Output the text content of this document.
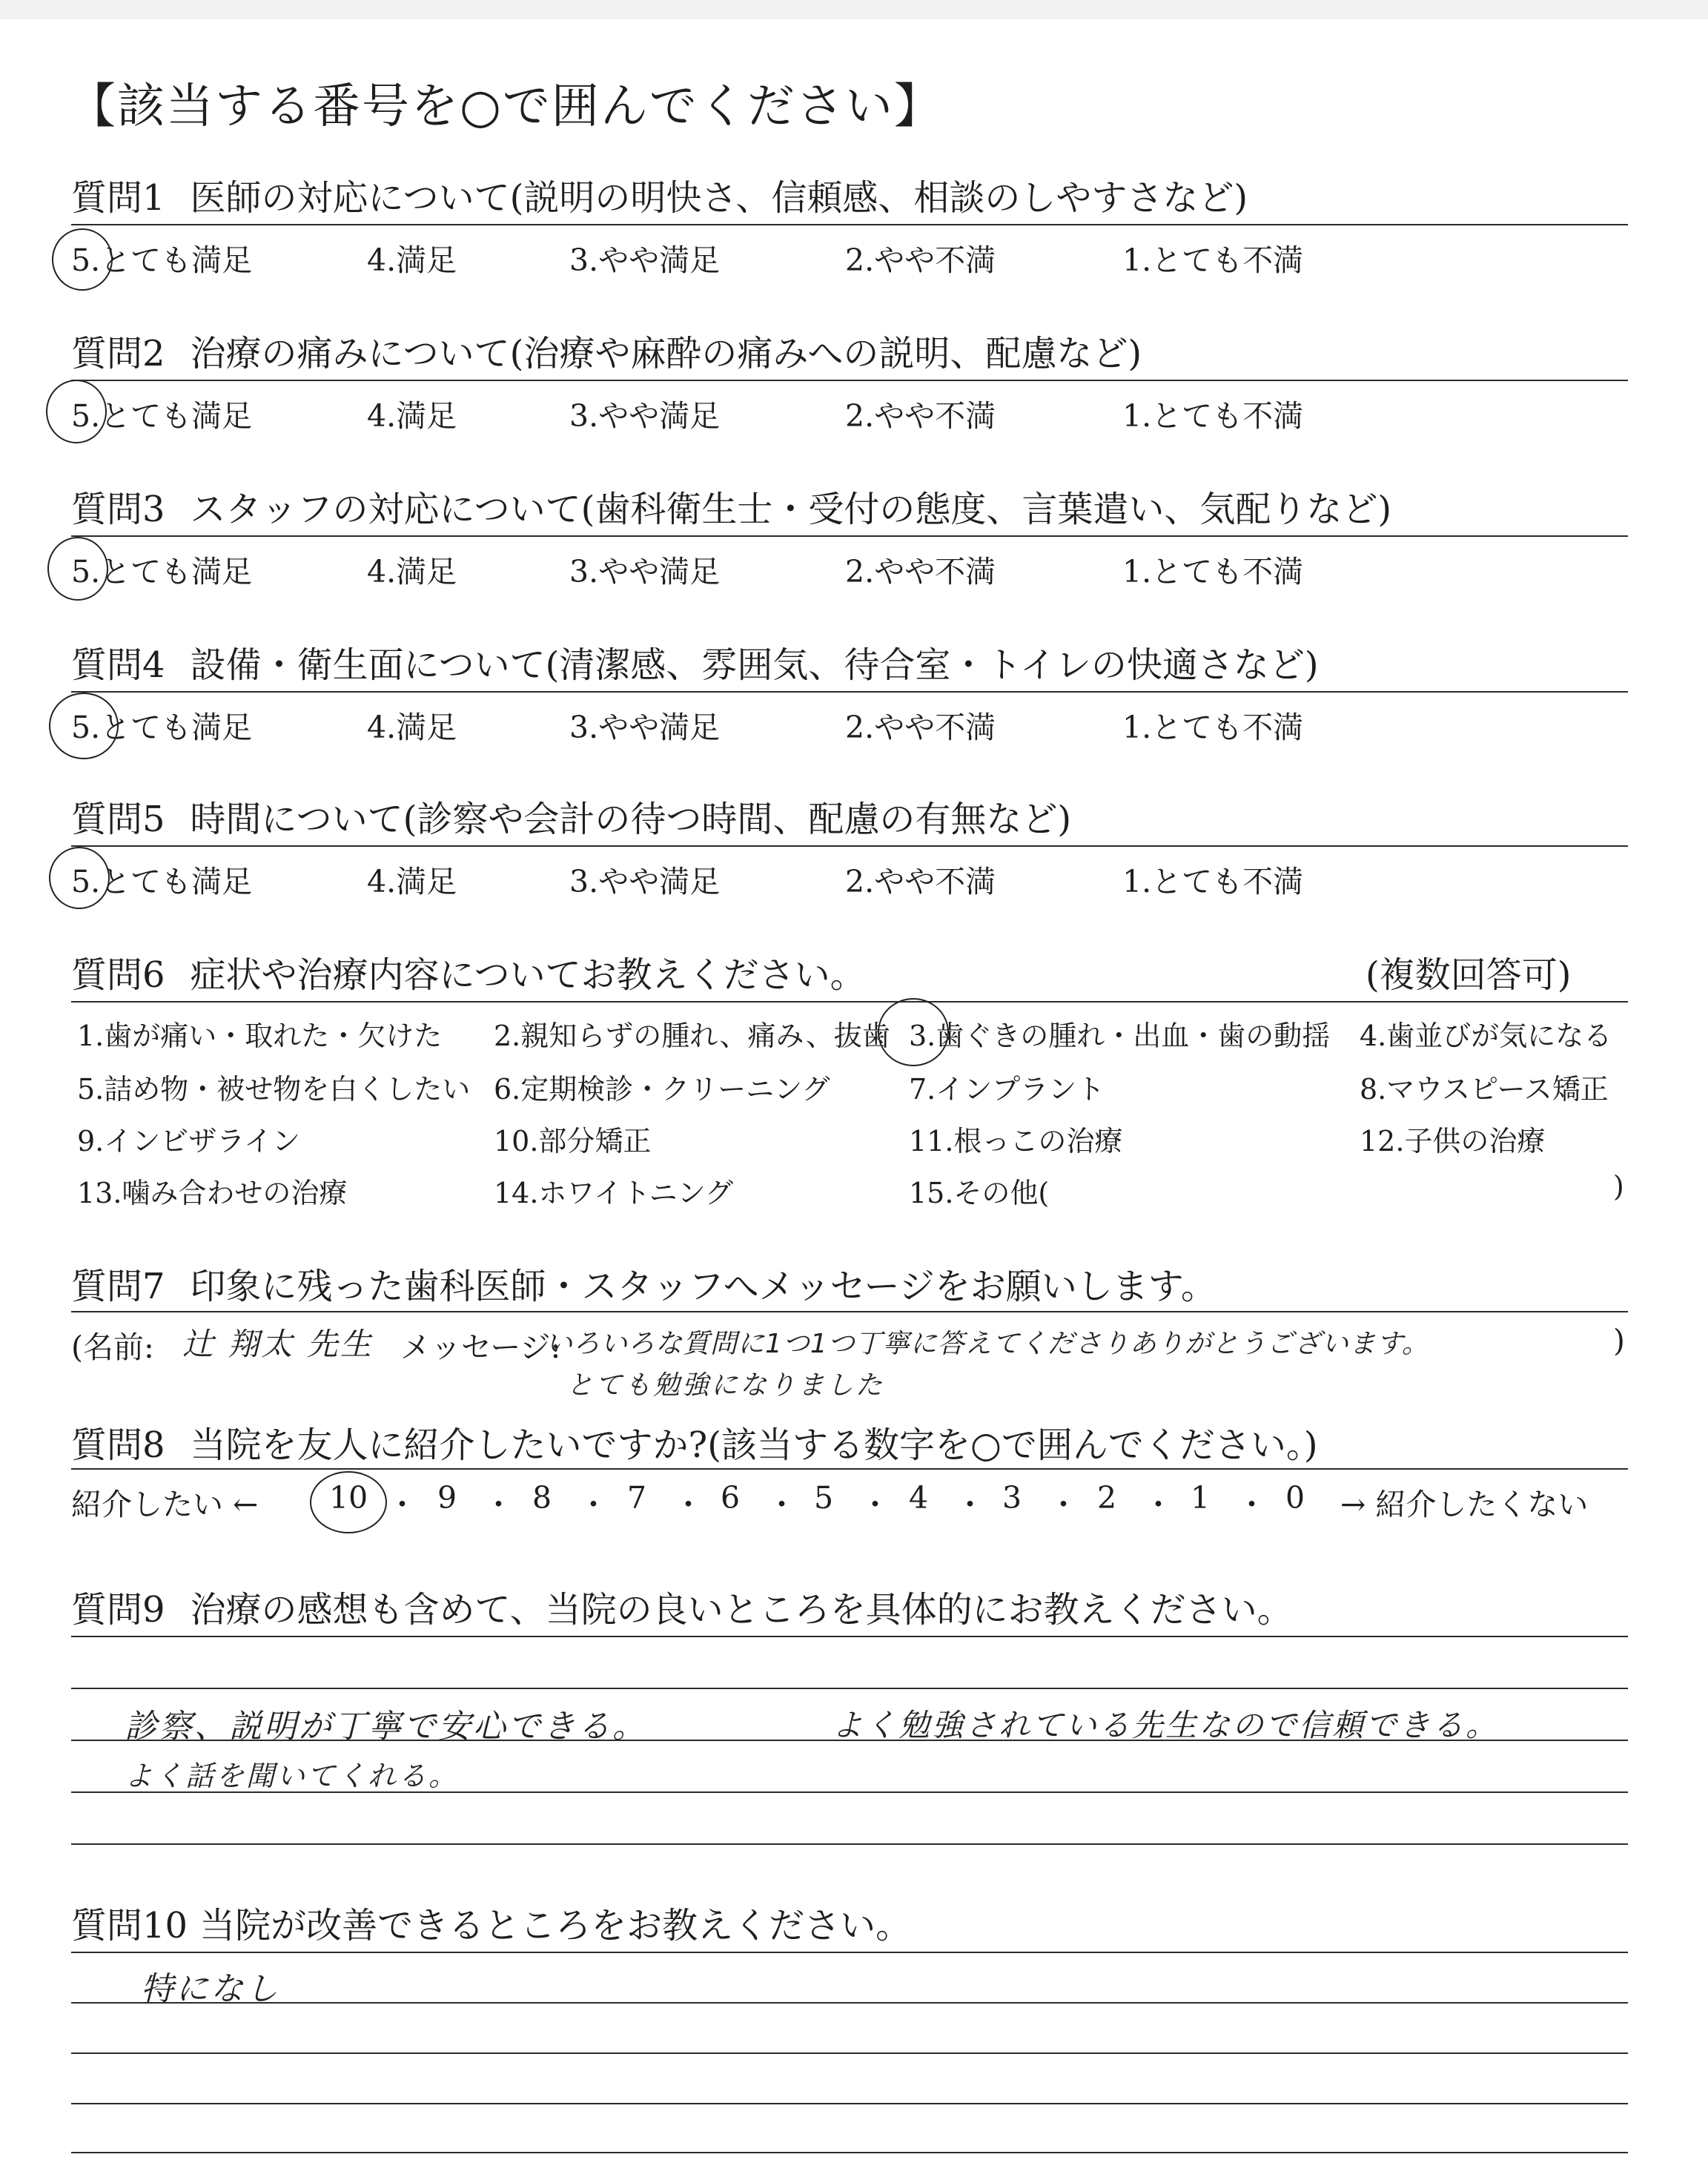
【該当する番号を○で囲んでください】
質問1 医師の対応について(説明の明快さ、信頼感、相談のしやすさなど)
5.とても満足	4.満足	3.やや満足	2.やや不満	1.とても不満
質問2 治療の痛みについて(治療や麻酔の痛みへの説明、配慮など)
5.とても満足	4.満足	3.やや満足	2.やや不満	1.とても不満
質問3 スタッフの対応について(歯科衛生士・受付の態度、言葉遣い、気配りなど)
5.とても満足	4.満足	3.やや満足	2.やや不満	1.とても不満
質問4 設備・衛生面について(清潔感、雰囲気、待合室・トイレの快適さなど)
5.とても満足	4.満足	3.やや満足	2.やや不満	1.とても不満
質問5 時間について(診察や会計の待つ時間、配慮の有無など)
5.とても満足	4.満足	3.やや満足	2.やや不満	1.とても不満
質問6 症状や治療内容についてお教えください。	(複数回答可)
1.歯が痛い・取れた・欠けた 2.親知らずの腫れ、痛み、抜歯 3.歯ぐきの腫れ・出血・歯の動揺 4.歯並びが気になる
5.詰め物・被せ物を白くしたい 6.定期検診・クリーニング	7.インプラント	8.マウスピース矯正
9.インビザライン	10.部分矯正	11.根っこの治療	12.子供の治療
13.噛み合わせの治療	14.ホワイトニング	15.その他(	)
質問7 印象に残った歯科医師・スタッフへメッセージをお願いします。
(名前: 辻 翔太 先生 メッセージ:
いろいろな質問に1つ1つ丁寧に答えてくださりありがとうございます。	)
とても勉強になりました
質問8 当院を友人に紹介したいですか?(該当する数字を○で囲んでください。)
紹介したい ←	→ 紹介したくない
10 ・ 9 ・ 8 ・ 7 ・ 6 ・ 5 ・ 4 ・ 3 ・ 2 ・ 1 ・ 0
質問9 治療の感想も含めて、当院の良いところを具体的にお教えください。
診察、説明が丁寧で安心できる。	よく勉強されている先生なので信頼できる。
よく話を聞いてくれる。
質問10 当院が改善できるところをお教えください。
特になし
